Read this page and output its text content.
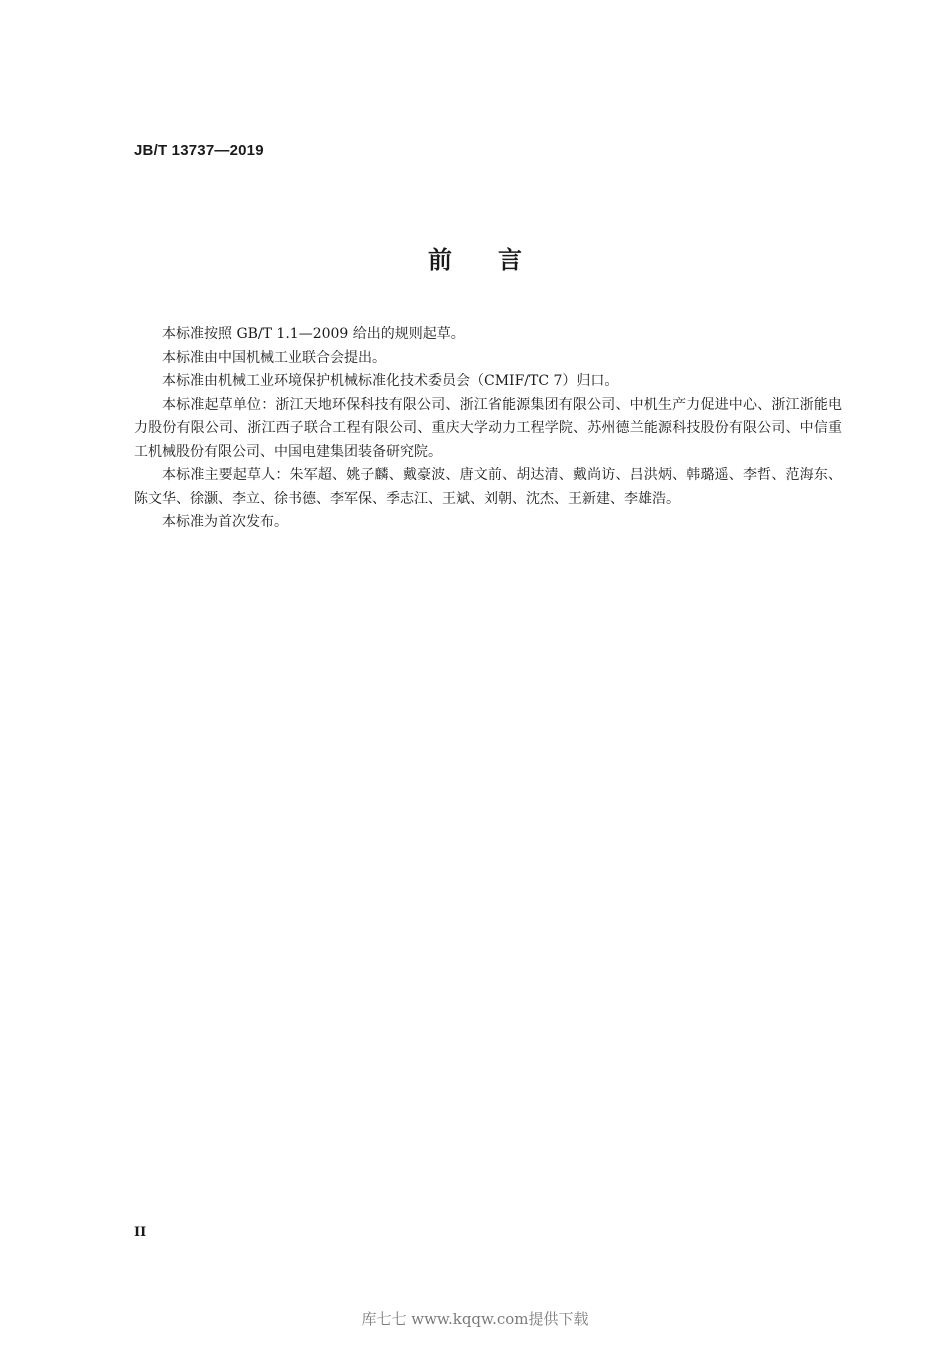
JB/T 13737—2019
前 言

本标准按照 GB/T 1.1—2009 给出的规则起草。

本标准由中国机械工业联合会提出。

本标准由机械工业环境保护机械标准化技术委员会（CMIF/TC 7）归口。

本标准起草单位：浙江天地环保科技有限公司、浙江省能源集团有限公司、中机生产力促进中心、浙江浙能电力股份有限公司、浙江西子联合工程有限公司、重庆大学动力工程学院、苏州德兰能源科技股份有限公司、中信重工机械股份有限公司、中国电建集团装备研究院。

本标准主要起草人：朱军超、姚子麟、戴豪波、唐文前、胡达清、戴尚访、吕洪炳、韩璐遥、李哲、范海东、陈文华、徐灏、李立、徐书德、李军保、季志江、王斌、刘朝、沈杰、王新建、李雄浩。

本标准为首次发布。

II
库七七 www.kqqw.com提供下载
